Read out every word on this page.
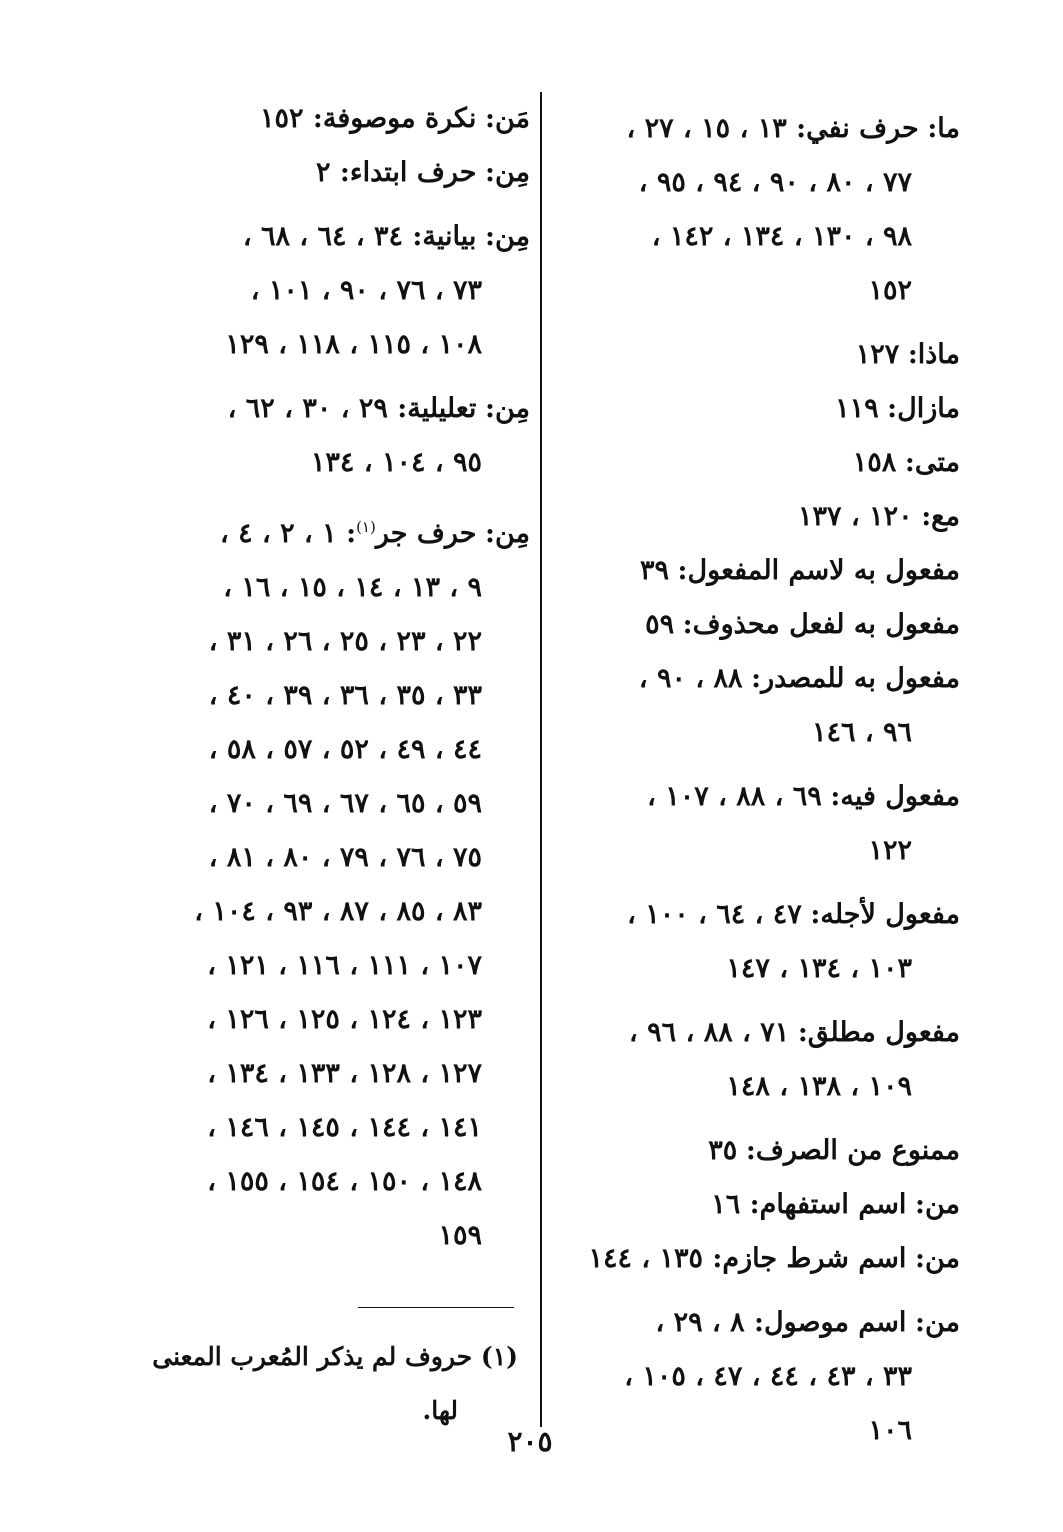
ما: حرف نفي: ١٣ ، ١٥ ، ٢٧ ،
٧٧ ، ٨٠ ، ٩٠ ، ٩٤ ، ٩٥ ،
٩٨ ، ١٣٠ ، ١٣٤ ، ١٤٢ ،
١٥٢
ماذا: ١٢٧
مازال: ١١٩
متى: ١٥٨
مع: ١٢٠ ، ١٣٧
مفعول به لاسم المفعول: ٣٩
مفعول به لفعل محذوف: ٥٩
مفعول به للمصدر: ٨٨ ، ٩٠ ،
٩٦ ، ١٤٦
مفعول فيه: ٦٩ ، ٨٨ ، ١٠٧ ،
١٢٢
مفعول لأجله: ٤٧ ، ٦٤ ، ١٠٠ ،
١٠٣ ، ١٣٤ ، ١٤٧
مفعول مطلق: ٧١ ، ٨٨ ، ٩٦ ،
١٠٩ ، ١٣٨ ، ١٤٨
ممنوع من الصرف: ٣٥
من: اسم استفهام: ١٦
من: اسم شرط جازم: ١٣٥ ، ١٤٤
من: اسم موصول: ٨ ، ٢٩ ،
٣٣ ، ٤٣ ، ٤٤ ، ٤٧ ، ١٠٥ ،
١٠٦
مَن: نكرة موصوفة: ١٥٢
مِن: حرف ابتداء: ٢
مِن: بيانية: ٣٤ ، ٦٤ ، ٦٨ ،
٧٣ ، ٧٦ ، ٩٠ ، ١٠١ ،
١٠٨ ، ١١٥ ، ١١٨ ، ١٢٩
مِن: تعليلية: ٢٩ ، ٣٠ ، ٦٢ ،
٩٥ ، ١٠٤ ، ١٣٤
مِن: حرف جر$^{(١)}$: ١ ، ٢ ، ٤ ،
٩ ، ١٣ ، ١٤ ، ١٥ ، ١٦ ،
٢٢ ، ٢٣ ، ٢٥ ، ٢٦ ، ٣١ ،
٣٣ ، ٣٥ ، ٣٦ ، ٣٩ ، ٤٠ ،
٤٤ ، ٤٩ ، ٥٢ ، ٥٧ ، ٥٨ ،
٥٩ ، ٦٥ ، ٦٧ ، ٦٩ ، ٧٠ ،
٧٥ ، ٧٦ ، ٧٩ ، ٨٠ ، ٨١ ،
٨٣ ، ٨٥ ، ٨٧ ، ٩٣ ، ١٠٤ ،
١٠٧ ، ١١١ ، ١١٦ ، ١٢١ ،
١٢٣ ، ١٢٤ ، ١٢٥ ، ١٢٦ ،
١٢٧ ، ١٢٨ ، ١٣٣ ، ١٣٤ ،
١٤١ ، ١٤٤ ، ١٤٥ ، ١٤٦ ،
١٤٨ ، ١٥٠ ، ١٥٤ ، ١٥٥ ،
١٥٩
(١) حروف لم يذكر المُعرب المعنى
لها.
٢٠٥
